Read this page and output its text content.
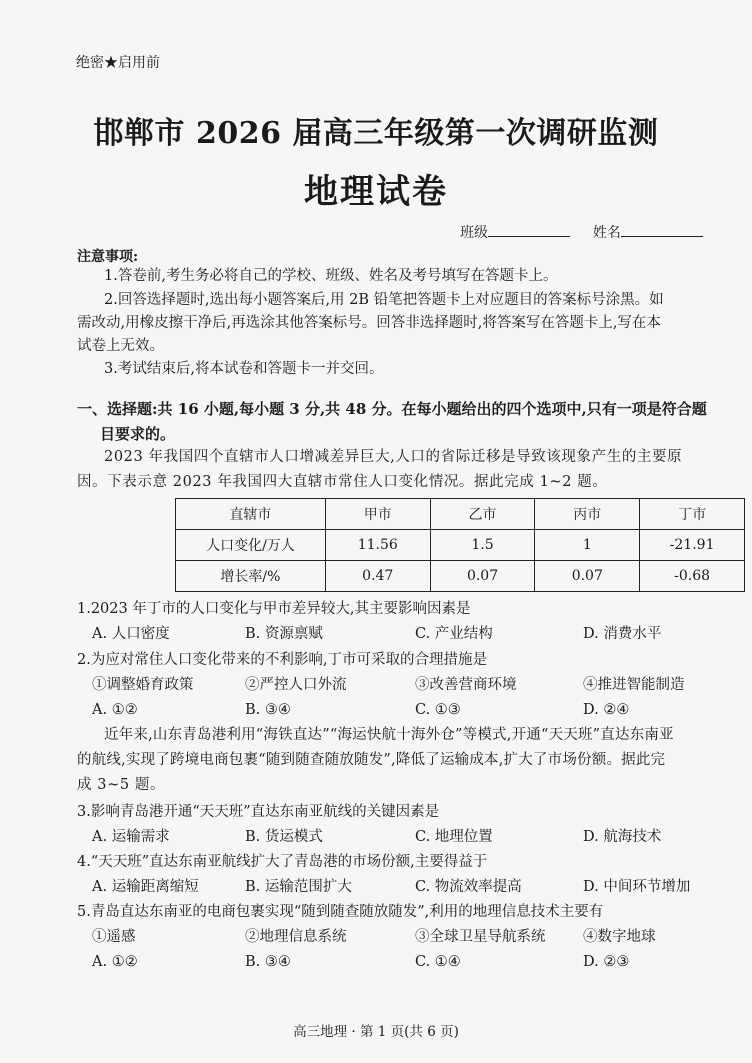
绝密★启用前
邯郸市 2026 届高三年级第一次调研监测
地理试卷
班级	姓名
注意事项:
1.答卷前,考生务必将自己的学校、班级、姓名及考号填写在答题卡上。
2.回答选择题时,选出每小题答案后,用 2B 铅笔把答题卡上对应题目的答案标号涂黑。如
需改动,用橡皮擦干净后,再选涂其他答案标号。回答非选择题时,将答案写在答题卡上,写在本
试卷上无效。
3.考试结束后,将本试卷和答题卡一并交回。
一、选择题:共 16 小题,每小题 3 分,共 48 分。在每小题给出的四个选项中,只有一项是符合题
目要求的。
2023 年我国四个直辖市人口增减差异巨大,人口的省际迁移是导致该现象产生的主要原
因。下表示意 2023 年我国四大直辖市常住人口变化情况。据此完成 1~2 题。
直辖市	甲市	乙市	丙市	丁市
人口变化/万人	11.56	1.5	1	-21.91
增长率/%	0.47	0.07	0.07	-0.68
1.2023 年丁市的人口变化与甲市差异较大,其主要影响因素是
A. 人口密度	B. 资源禀赋	C. 产业结构	D. 消费水平
2.为应对常住人口变化带来的不利影响,丁市可采取的合理措施是
①调整婚育政策	②严控人口外流	③改善营商环境	④推进智能制造
A. ①②	B. ③④	C. ①③	D. ②④
近年来,山东青岛港利用“海铁直达”“海运快航十海外仓”等模式,开通“天天班”直达东南亚
的航线,实现了跨境电商包裹“随到随查随放随发”,降低了运输成本,扩大了市场份额。据此完
成 3~5 题。
3.影响青岛港开通“天天班”直达东南亚航线的关键因素是
A. 运输需求	B. 货运模式	C. 地理位置	D. 航海技术
4.“天天班”直达东南亚航线扩大了青岛港的市场份额,主要得益于
A. 运输距离缩短	B. 运输范围扩大	C. 物流效率提高	D. 中间环节增加
5.青岛直达东南亚的电商包裹实现“随到随查随放随发”,利用的地理信息技术主要有
①遥感	②地理信息系统	③全球卫星导航系统	④数字地球
A. ①②	B. ③④	C. ①④	D. ②③
高三地理 · 第 1 页(共 6 页)
